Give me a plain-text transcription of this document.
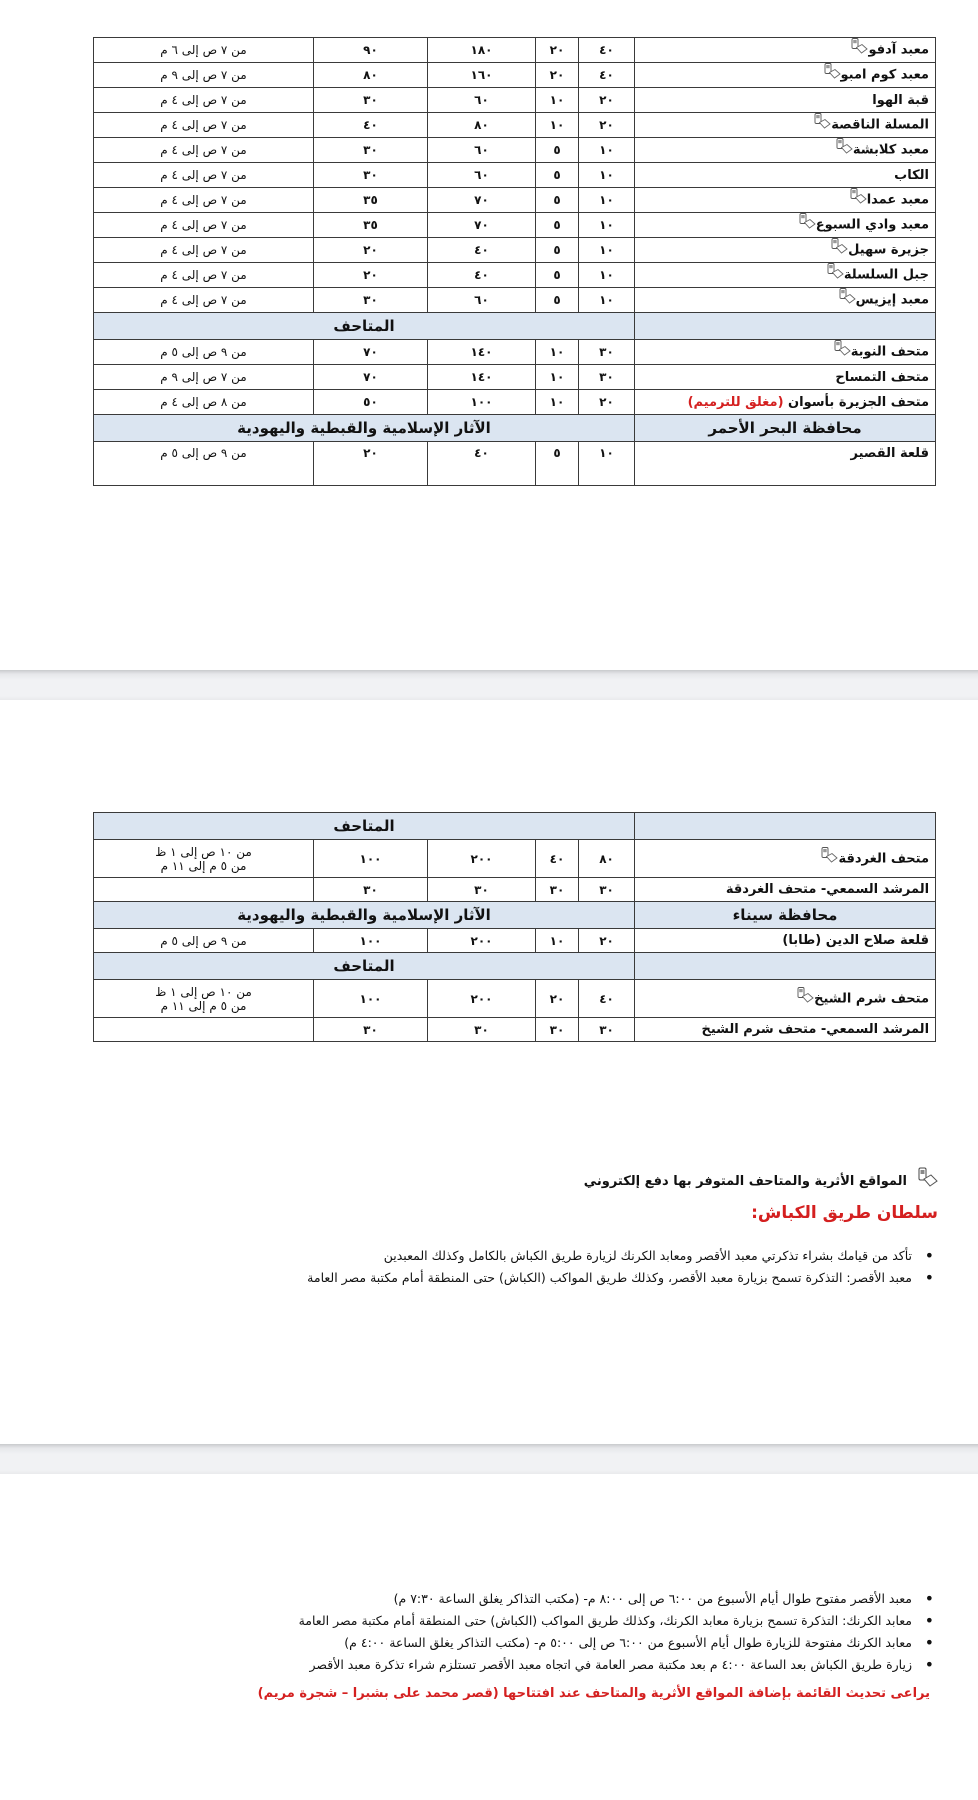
من ٧ ص إلى ٦ م	٩٠	١٨٠	٢٠	٤٠	معبد آدفو

من ٧ ص إلى ٩ م	٨٠	١٦٠	٢٠	٤٠	معبد كوم امبو

من ٧ ص إلى ٤ م	٣٠	٦٠	١٠	٢٠	قبة الهوا

من ٧ ص إلى ٤ م	٤٠	٨٠	١٠	٢٠	المسلة الناقصة

من ٧ ص إلى ٤ م	٣٠	٦٠	٥	١٠	معبد كلابشة

من ٧ ص إلى ٤ م	٣٠	٦٠	٥	١٠	الكاب

من ٧ ص إلى ٤ م	٣٥	٧٠	٥	١٠	معبد عمدا

من ٧ ص إلى ٤ م	٣٥	٧٠	٥	١٠	معبد وادي السبوع

من ٧ ص إلى ٤ م	٢٠	٤٠	٥	١٠	جزيرة سهيل

من ٧ ص إلى ٤ م	٢٠	٤٠	٥	١٠	جبل السلسلة

من ٧ ص إلى ٤ م	٣٠	٦٠	٥	١٠	معبد إيزيس
المتاحف					

من ٩ ص إلى ٥ م	٧٠	١٤٠	١٠	٣٠	متحف النوبة

من ٧ ص إلى ٩ م	٧٠	١٤٠	١٠	٣٠	متحف التمساح

من ٨ ص إلى ٤ م	٥٠	١٠٠	١٠	٢٠	متحف الجزيرة بأسوان (مغلق للترميم)
الآثار الإسلامية والقبطية واليهودية					محافظة البحر الأحمر

من ٩ ص إلى ٥ م	٢٠	٤٠	٥	١٠	قلعة القصير
المتاحف					

من ١٠ ص إلى ١ ظ
من ٥ م إلى ١١ م	١٠٠	٢٠٠	٤٠	٨٠	متحف الغردقة

	٣٠	٣٠	٣٠	٣٠	المرشد السمعي- متحف الغردقة
الآثار الإسلامية والقبطية واليهودية					محافظة سيناء

من ٩ ص إلى ٥ م	١٠٠	٢٠٠	١٠	٢٠	قلعة صلاح الدين (طابا)
المتاحف					

من ١٠ ص إلى ١ ظ
من ٥ م إلى ١١ م	١٠٠	٢٠٠	٢٠	٤٠	متحف شرم الشيخ

	٣٠	٣٠	٣٠	٣٠	المرشد السمعي- متحف شرم الشيخ
المواقع الأثرية والمتاحف المتوفر بها دفع إلكتروني
سلطان طريق الكباش:
• تأكد من قيامك بشراء تذكرتي معبد الأقصر ومعابد الكرنك لزيارة طريق الكباش بالكامل وكذلك المعبدين
• معبد الأقصر: التذكرة تسمح بزيارة معبد الأقصر، وكذلك طريق المواكب (الكباش) حتى المنطقة أمام مكتبة مصر العامة
• معبد الأقصر مفتوح طوال أيام الأسبوع من ٦:٠٠ ص إلى ٨:٠٠ م- (مكتب التذاكر يغلق الساعة ٧:٣٠ م)
• معابد الكرنك: التذكرة تسمح بزيارة معابد الكرنك، وكذلك طريق المواكب (الكباش) حتى المنطقة أمام مكتبة مصر العامة
• معابد الكرنك مفتوحة للزيارة طوال أيام الأسبوع من ٦:٠٠ ص إلى ٥:٠٠ م- (مكتب التذاكر يغلق الساعة ٤:٠٠ م)
• زيارة طريق الكباش بعد الساعة ٤:٠٠ م بعد مكتبة مصر العامة في اتجاه معبد الأقصر تستلزم شراء تذكرة معبد الأقصر
يراعى تحديث القائمة بإضافة المواقع الأثرية والمتاحف عند افتتاحها (قصر محمد على بشبرا – شجرة مريم)
